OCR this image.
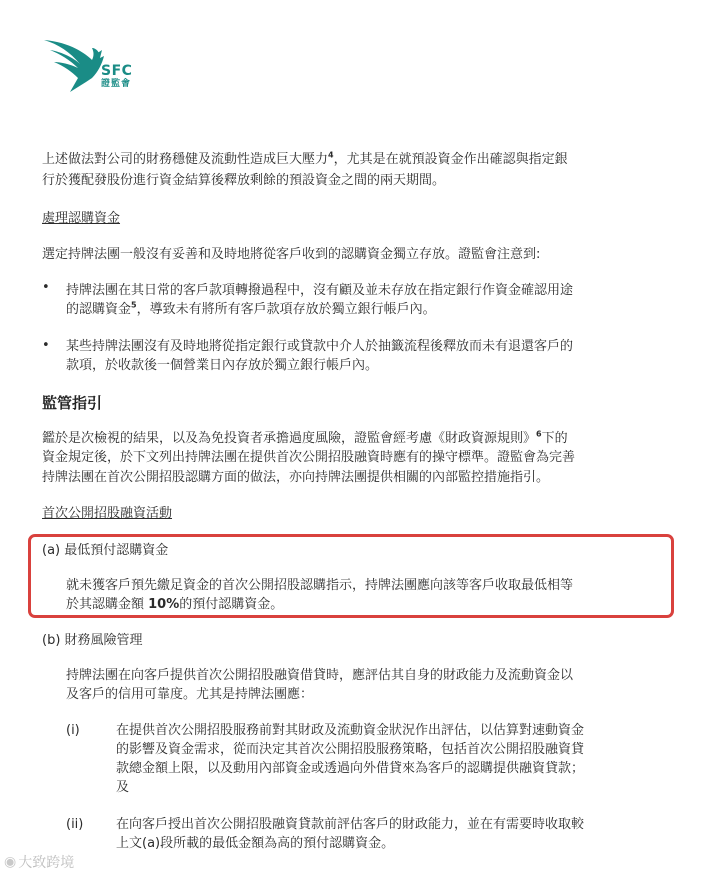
SFC
證監會

上述做法對公司的財務穩健及流動性造成巨大壓力$^4$，尤其是在就預設資金作出確認與指定銀

行於獲配發股份進行資金結算後釋放剩餘的預設資金之間的兩天期間。

處理認購資金

選定持牌法團一般沒有妥善和及時地將從客戶收到的認購資金獨立存放。證監會注意到:

• 持牌法團在其日常的客戶款項轉撥過程中，沒有顧及並未存放在指定銀行作資金確認用途

的認購資金$^5$，導致未有將所有客戶款項存放於獨立銀行帳戶內。

• 某些持牌法團沒有及時地將從指定銀行或貸款中介人於抽籤流程後釋放而未有退還客戶的

款項，於收款後一個營業日內存放於獨立銀行帳戶內。

監管指引

鑑於是次檢視的結果，以及為免投資者承擔過度風險，證監會經考慮《財政資源規則》$^6$下的

資金規定後，於下文列出持牌法團在提供首次公開招股融資時應有的操守標準。證監會為完善

持牌法團在首次公開招股認購方面的做法，亦向持牌法團提供相關的內部監控措施指引。

首次公開招股融資活動

(a) 最低預付認購資金

就未獲客戶預先繳足資金的首次公開招股認購指示，持牌法團應向該等客戶收取最低相等

於其認購金額 10%的預付認購資金。

(b) 財務風險管理

持牌法團在向客戶提供首次公開招股融資借貸時，應評估其自身的財政能力及流動資金以

及客戶的信用可靠度。尤其是持牌法團應：

(i)	在提供首次公開招股服務前對其財政及流動資金狀況作出評估，以估算對速動資金

的影響及資金需求，從而決定其首次公開招股服務策略，包括首次公開招股融資貸

款總金額上限，以及動用內部資金或透過向外借貸來為客戶的認購提供融資貸款；

及

(ii)	在向客戶授出首次公開招股融資貸款前評估客戶的財政能力，並在有需要時收取較

上文(a)段所載的最低金額為高的預付認購資金。

◉ 大致跨境
